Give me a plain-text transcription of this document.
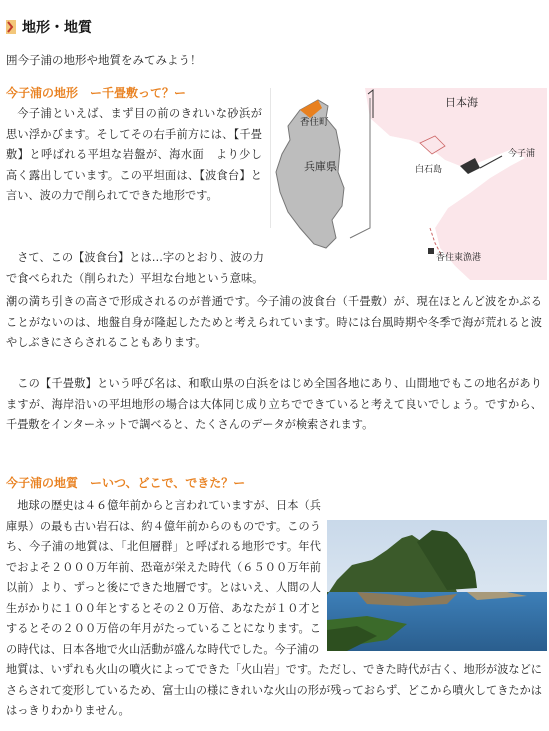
地形・地質
囲今子浦の地形や地質をみてみよう！
今子浦の地形　ー千畳敷って？ー
今子浦といえば、まず目の前のきれいな砂浜が思い浮かびます。そしてその右手前方には、【千畳敷】と呼ばれる平坦な岩盤が、海水面　より少し高く露出しています。この平坦面は、【波食台】と言い、波の力で削られてできた地形です。
香住町
兵庫県
日本海
白石島
今子浦
香住東漁港
さて、この【波食台】とは…字のとおり、波の力で食べられた（削られた）平坦な台地という意味。
潮の満ち引きの高さで形成されるのが普通です。今子浦の波食台（千畳敷）が、現在ほとんど波をかぶることがないのは、地盤自身が隆起したためと考えられています。時には台風時期や冬季で海が荒れると波やしぶきにさらされることもあります。
この【千畳敷】という呼び名は、和歌山県の白浜をはじめ全国各地にあり、山間地でもこの地名がありますが、海岸沿いの平坦地形の場合は大体同じ成り立ちでできていると考えて良いでしょう。ですから、千畳敷をインターネットで調べると、たくさんのデータが検索されます。
今子浦の地質　ーいつ、どこで、できた？ー
地球の歴史は４６億年前からと言われていますが、日本（兵庫県）の最も古い岩石は、約４億年前からのものです。このうち、今子浦の地質は、「北但層群」と呼ばれる地形です。年代でおよそ２０００万年前、恐竜が栄えた時代（６５００万年前以前）より、ずっと後にできた地層です。とはいえ、人間の人生がかりに１００年とするとその２０万倍、あなたが１０才とするとその２００万倍の年月がたっていることになります。この時代は、日本各地で火山活動が盛んな時代でした。今子浦の
地質は、いずれも火山の噴火によってできた「火山岩」です。ただし、できた時代が古く、地形が波などにさらされて変形しているため、富士山の様にきれいな火山の形が残っておらず、どこから噴火してきたかははっきりわかりません。
